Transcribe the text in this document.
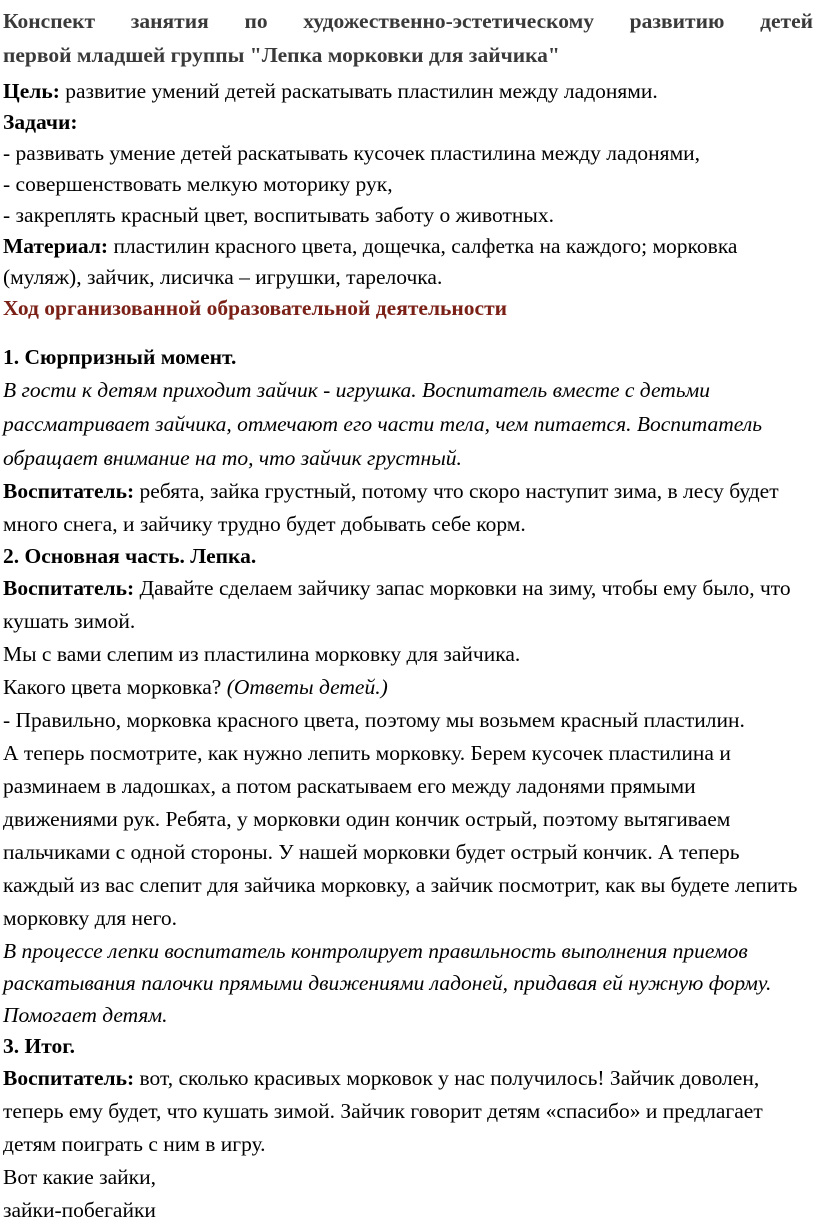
Конспект занятия по художественно-эстетическому развитию детей
первой младшей группы "Лепка морковки для зайчика"

Цель: развитие умений детей раскатывать пластилин между ладонями.

Задачи:

- развивать умение детей раскатывать кусочек пластилина между ладонями,

- совершенствовать мелкую моторику рук,

- закреплять красный цвет, воспитывать заботу о животных.

Материал: пластилин красного цвета, дощечка, салфетка на каждого; морковка (муляж), зайчик, лисичка – игрушки, тарелочка.

Ход организованной образовательной деятельности

1. Сюрпризный момент.

В гости к детям приходит зайчик - игрушка. Воспитатель вместе с детьми рассматривает зайчика, отмечают его части тела, чем питается. Воспитатель обращает внимание на то, что зайчик грустный.

Воспитатель: ребята, зайка грустный, потому что скоро наступит зима, в лесу будет много снега, и зайчику трудно будет добывать себе корм.

2. Основная часть. Лепка.

Воспитатель: Давайте сделаем зайчику запас морковки на зиму, чтобы ему было, что кушать зимой.

Мы с вами слепим из пластилина морковку для зайчика.

Какого цвета морковка? (Ответы детей.)

- Правильно, морковка красного цвета, поэтому мы возьмем красный пластилин.

А теперь посмотрите, как нужно лепить морковку. Берем кусочек пластилина и разминаем в ладошках, а потом раскатываем его между ладонями прямыми движениями рук. Ребята, у морковки один кончик острый, поэтому вытягиваем пальчиками с одной стороны. У нашей морковки будет острый кончик. А теперь каждый из вас слепит для зайчика морковку, а зайчик посмотрит, как вы будете лепить морковку для него.

В процессе лепки воспитатель контролирует правильность выполнения приемов раскатывания палочки прямыми движениями ладоней, придавая ей нужную форму. Помогает детям.

3. Итог.

Воспитатель: вот, сколько красивых морковок у нас получилось! Зайчик доволен, теперь ему будет, что кушать зимой. Зайчик говорит детям «спасибо» и предлагает детям поиграть с ним в игру.

Вот какие зайки,

зайки-побегайки
